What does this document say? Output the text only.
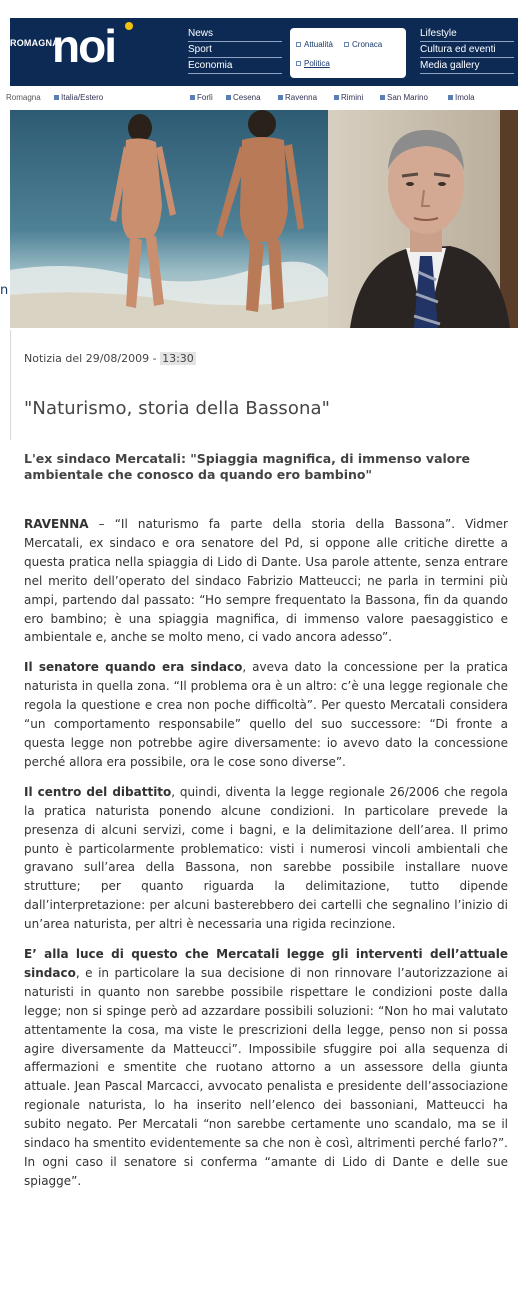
ROMAGNA
noi	News
Sport
Economia
Attualità Cronaca
Politica
Lifestyle
Cultura ed eventi
Media gallery
Romagna	Italia/Estero	Forlì	Cesena	Ravenna	Rimini	San Marino	Imola
n
Notizia del 29/08/2009 - 13:30
"Naturismo, storia della Bassona"
L'ex sindaco Mercatali: "Spiaggia magnifica, di immenso valore ambientale che conosco da quando ero bambino"

RAVENNA – “Il naturismo fa parte della storia della Bassona”. Vidmer Mercatali, ex sindaco e ora senatore del Pd, si oppone alle critiche dirette a questa pratica nella spiaggia di Lido di Dante. Usa parole attente, senza entrare nel merito dell’operato del sindaco Fabrizio Matteucci; ne parla in termini più ampi, partendo dal passato: “Ho sempre frequentato la Bassona, fin da quando ero bambino; è una spiaggia magnifica, di immenso valore paesaggistico e ambientale e, anche se molto meno, ci vado ancora adesso”.

Il senatore quando era sindaco, aveva dato la concessione per la pratica naturista in quella zona. “Il problema ora è un altro: c’è una legge regionale che regola la questione e crea non poche difficoltà”. Per questo Mercatali considera “un comportamento responsabile” quello del suo successore: “Di fronte a questa legge non potrebbe agire diversamente: io avevo dato la concessione perché allora era possibile, ora le cose sono diverse”.

Il centro del dibattito, quindi, diventa la legge regionale 26/2006 che regola la pratica naturista ponendo alcune condizioni. In particolare prevede la presenza di alcuni servizi, come i bagni, e la delimitazione dell’area. Il primo punto è particolarmente problematico: visti i numerosi vincoli ambientali che gravano sull’area della Bassona, non sarebbe possibile installare nuove strutture; per quanto riguarda la delimitazione, tutto dipende dall’interpretazione: per alcuni basterebbero dei cartelli che segnalino l’inizio di un’area naturista, per altri è necessaria una rigida recinzione.

E’ alla luce di questo che Mercatali legge gli interventi dell’attuale sindaco, e in particolare la sua decisione di non rinnovare l’autorizzazione ai naturisti in quanto non sarebbe possibile rispettare le condizioni poste dalla legge; non si spinge però ad azzardare possibili soluzioni: “Non ho mai valutato attentamente la cosa, ma viste le prescrizioni della legge, penso non si possa agire diversamente da Matteucci”. Impossibile sfuggire poi alla sequenza di affermazioni e smentite che ruotano attorno a un assessore della giunta attuale. Jean Pascal Marcacci, avvocato penalista e presidente dell’associazione regionale naturista, lo ha inserito nell’elenco dei bassoniani, Matteucci ha subito negato. Per Mercatali “non sarebbe certamente uno scandalo, ma se il sindaco ha smentito evidentemente sa che non è così, altrimenti perché farlo?”. In ogni caso il senatore si conferma “amante di Lido di Dante e delle sue spiagge”.
